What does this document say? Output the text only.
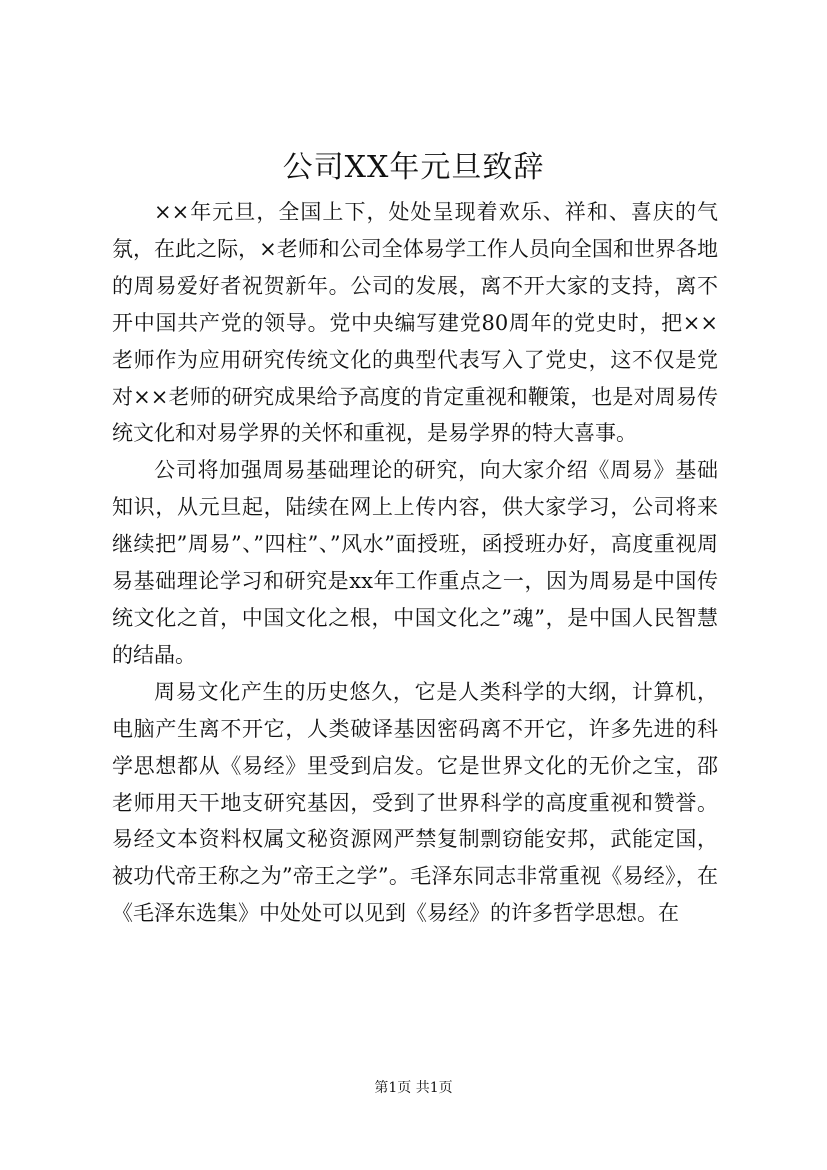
公司XX年元旦致辞

××年元旦，全国上下，处处呈现着欢乐、祥和、喜庆的气氛，在此之际，×老师和公司全体易学工作人员向全国和世界各地的周易爱好者祝贺新年。公司的发展，离不开大家的支持，离不开中国共产党的领导。党中央编写建党80周年的党史时，把××老师作为应用研究传统文化的典型代表写入了党史，这不仅是党对××老师的研究成果给予高度的肯定重视和鞭策，也是对周易传统文化和对易学界的关怀和重视，是易学界的特大喜事。

公司将加强周易基础理论的研究，向大家介绍《周易》基础知识，从元旦起，陆续在网上上传内容，供大家学习，公司将来继续把”周易”、”四柱”、”风水”面授班，函授班办好，高度重视周易基础理论学习和研究是xx年工作重点之一，因为周易是中国传统文化之首，中国文化之根，中国文化之”魂”，是中国人民智慧的结晶。

周易文化产生的历史悠久，它是人类科学的大纲，计算机，电脑产生离不开它，人类破译基因密码离不开它，许多先进的科学思想都从《易经》里受到启发。它是世界文化的无价之宝，邵老师用天干地支研究基因，受到了世界科学的高度重视和赞誉。易经文本资料权属文秘资源网严禁复制剽窃能安邦，武能定国，被功代帝王称之为”帝王之学”。毛泽东同志非常重视《易经》，在《毛泽东选集》中处处可以见到《易经》的许多哲学思想。在

第1页 共1页
